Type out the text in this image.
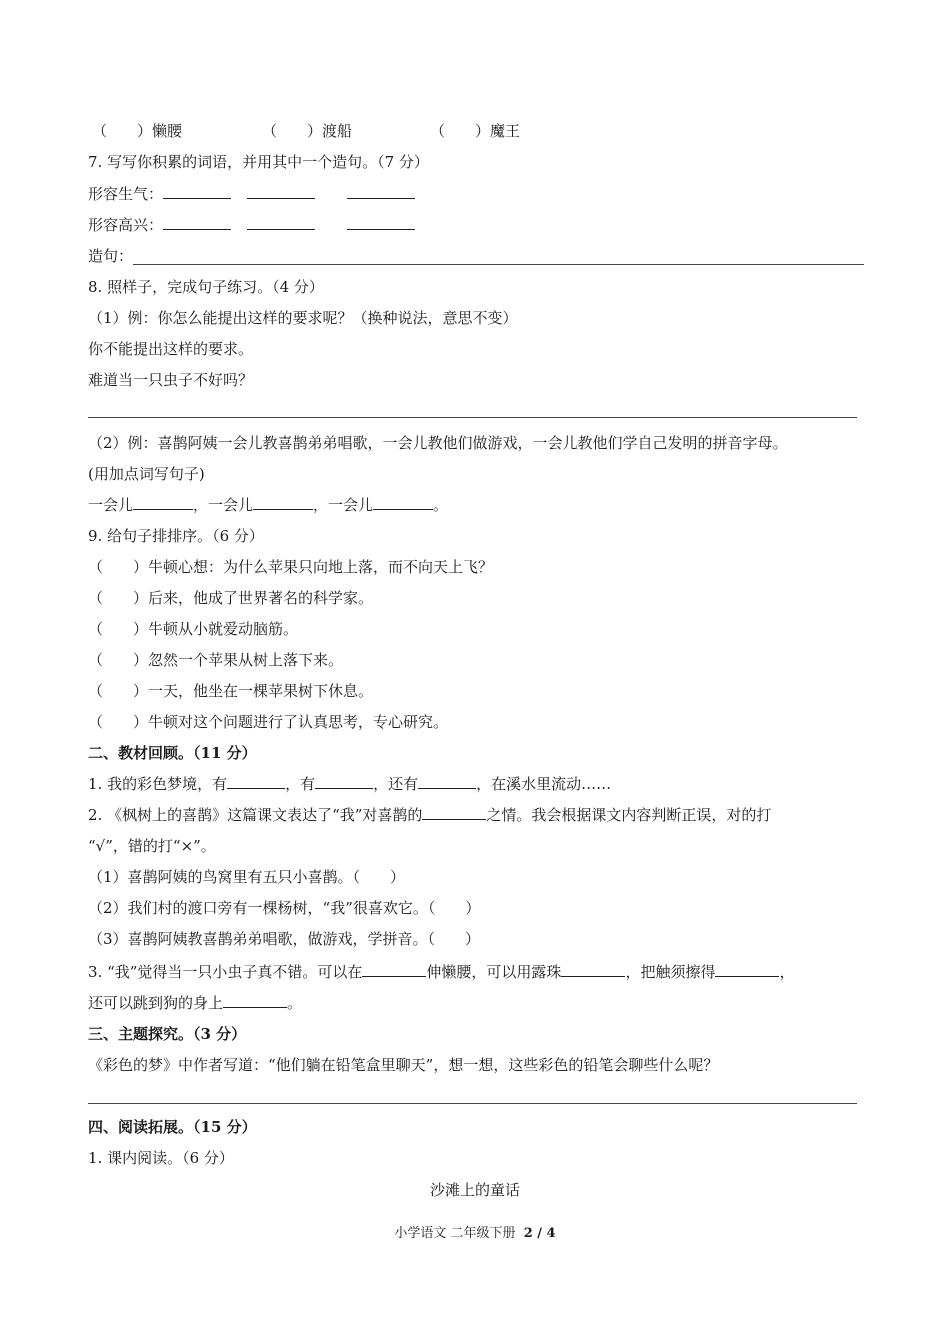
（　　）懒腰	（　　）渡船	（　　）魔王
7. 写写你积累的词语，并用其中一个造句。（7 分）
形容生气：
形容高兴：
造句：
8. 照样子，完成句子练习。（4 分）
（1）例：你怎么能提出这样的要求呢？（换种说法，意思不变）
你不能提出这样的要求。
难道当一只虫子不好吗？
（2）例：喜鹊阿姨一会儿教喜鹊弟弟唱歌，一会儿教他们做游戏，一会儿教他们学自己发明的拼音字母。
(用加点词写句子)
一会儿	，一会儿	，一会儿	。
9. 给句子排排序。（6 分）
（　　）牛顿心想：为什么苹果只向地上落，而不向天上飞？
（　　）后来，他成了世界著名的科学家。
（　　）牛顿从小就爱动脑筋。
（　　）忽然一个苹果从树上落下来。
（　　）一天，他坐在一棵苹果树下休息。
（　　）牛顿对这个问题进行了认真思考，专心研究。
二、教材回顾。（11 分）
1. 我的彩色梦境，有	，有	，还有	，在溪水里流动……
2. 《枫树上的喜鹊》这篇课文表达了“我”对喜鹊的	之情。我会根据课文内容判断正误，对的打
“√”，错的打“×”。
（1）喜鹊阿姨的鸟窝里有五只小喜鹊。（　　）
（2）我们村的渡口旁有一棵杨树，“我”很喜欢它。（　　）
（3）喜鹊阿姨教喜鹊弟弟唱歌，做游戏，学拼音。（　　）
3. “我”觉得当一只小虫子真不错。可以在	伸懒腰，可以用露珠	，把触须擦得	，
还可以跳到狗的身上	。
三、主题探究。（3 分）
《彩色的梦》中作者写道：“他们躺在铅笔盒里聊天”，想一想，这些彩色的铅笔会聊些什么呢？
四、阅读拓展。（15 分）
1. 课内阅读。（6 分）
沙滩上的童话
小学语文 二年级下册 2 / 4
